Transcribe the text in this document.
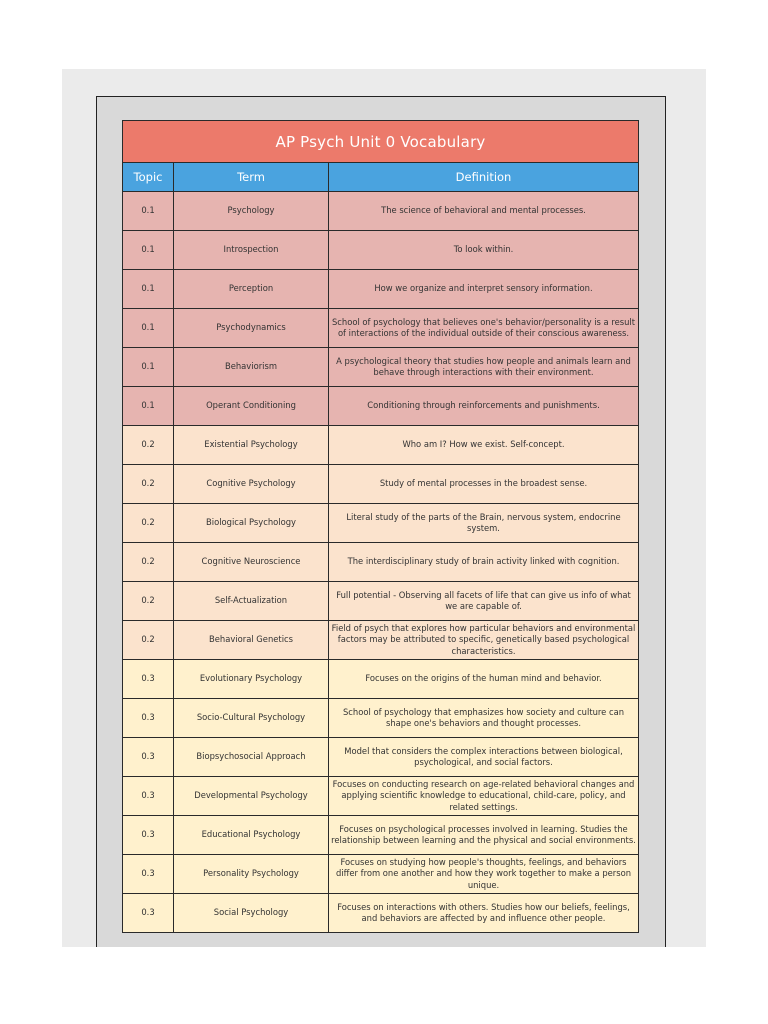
AP Psych Unit 0 Vocabulary		
Topic	Term	Definition
0.1	Psychology	The science of behavioral and mental processes.
0.1	Introspection	To look within.
0.1	Perception	How we organize and interpret sensory information.
0.1	Psychodynamics	School of psychology that believes one's behavior/personality is a result of interactions of the individual outside of their conscious awareness.
0.1	Behaviorism	A psychological theory that studies how people and animals learn and behave through interactions with their environment.
0.1	Operant Conditioning	Conditioning through reinforcements and punishments.
0.2	Existential Psychology	Who am I? How we exist. Self-concept.
0.2	Cognitive Psychology	Study of mental processes in the broadest sense.
0.2	Biological Psychology	Literal study of the parts of the Brain, nervous system, endocrine system.
0.2	Cognitive Neuroscience	The interdisciplinary study of brain activity linked with cognition.
0.2	Self-Actualization	Full potential - Observing all facets of life that can give us info of what we are capable of.
0.2	Behavioral Genetics	Field of psych that explores how particular behaviors and environmental factors may be attributed to specific, genetically based psychological characteristics.
0.3	Evolutionary Psychology	Focuses on the origins of the human mind and behavior.
0.3	Socio-Cultural Psychology	School of psychology that emphasizes how society and culture can shape one's behaviors and thought processes.
0.3	Biopsychosocial Approach	Model that considers the complex interactions between biological, psychological, and social factors.
0.3	Developmental Psychology	Focuses on conducting research on age-related behavioral changes and applying scientific knowledge to educational, child-care, policy, and related settings.
0.3	Educational Psychology	Focuses on psychological processes involved in learning. Studies the relationship between learning and the physical and social environments.
0.3	Personality Psychology	Focuses on studying how people's thoughts, feelings, and behaviors differ from one another and how they work together to make a person unique.
0.3	Social Psychology	Focuses on interactions with others. Studies how our beliefs, feelings, and behaviors are affected by and influence other people.
